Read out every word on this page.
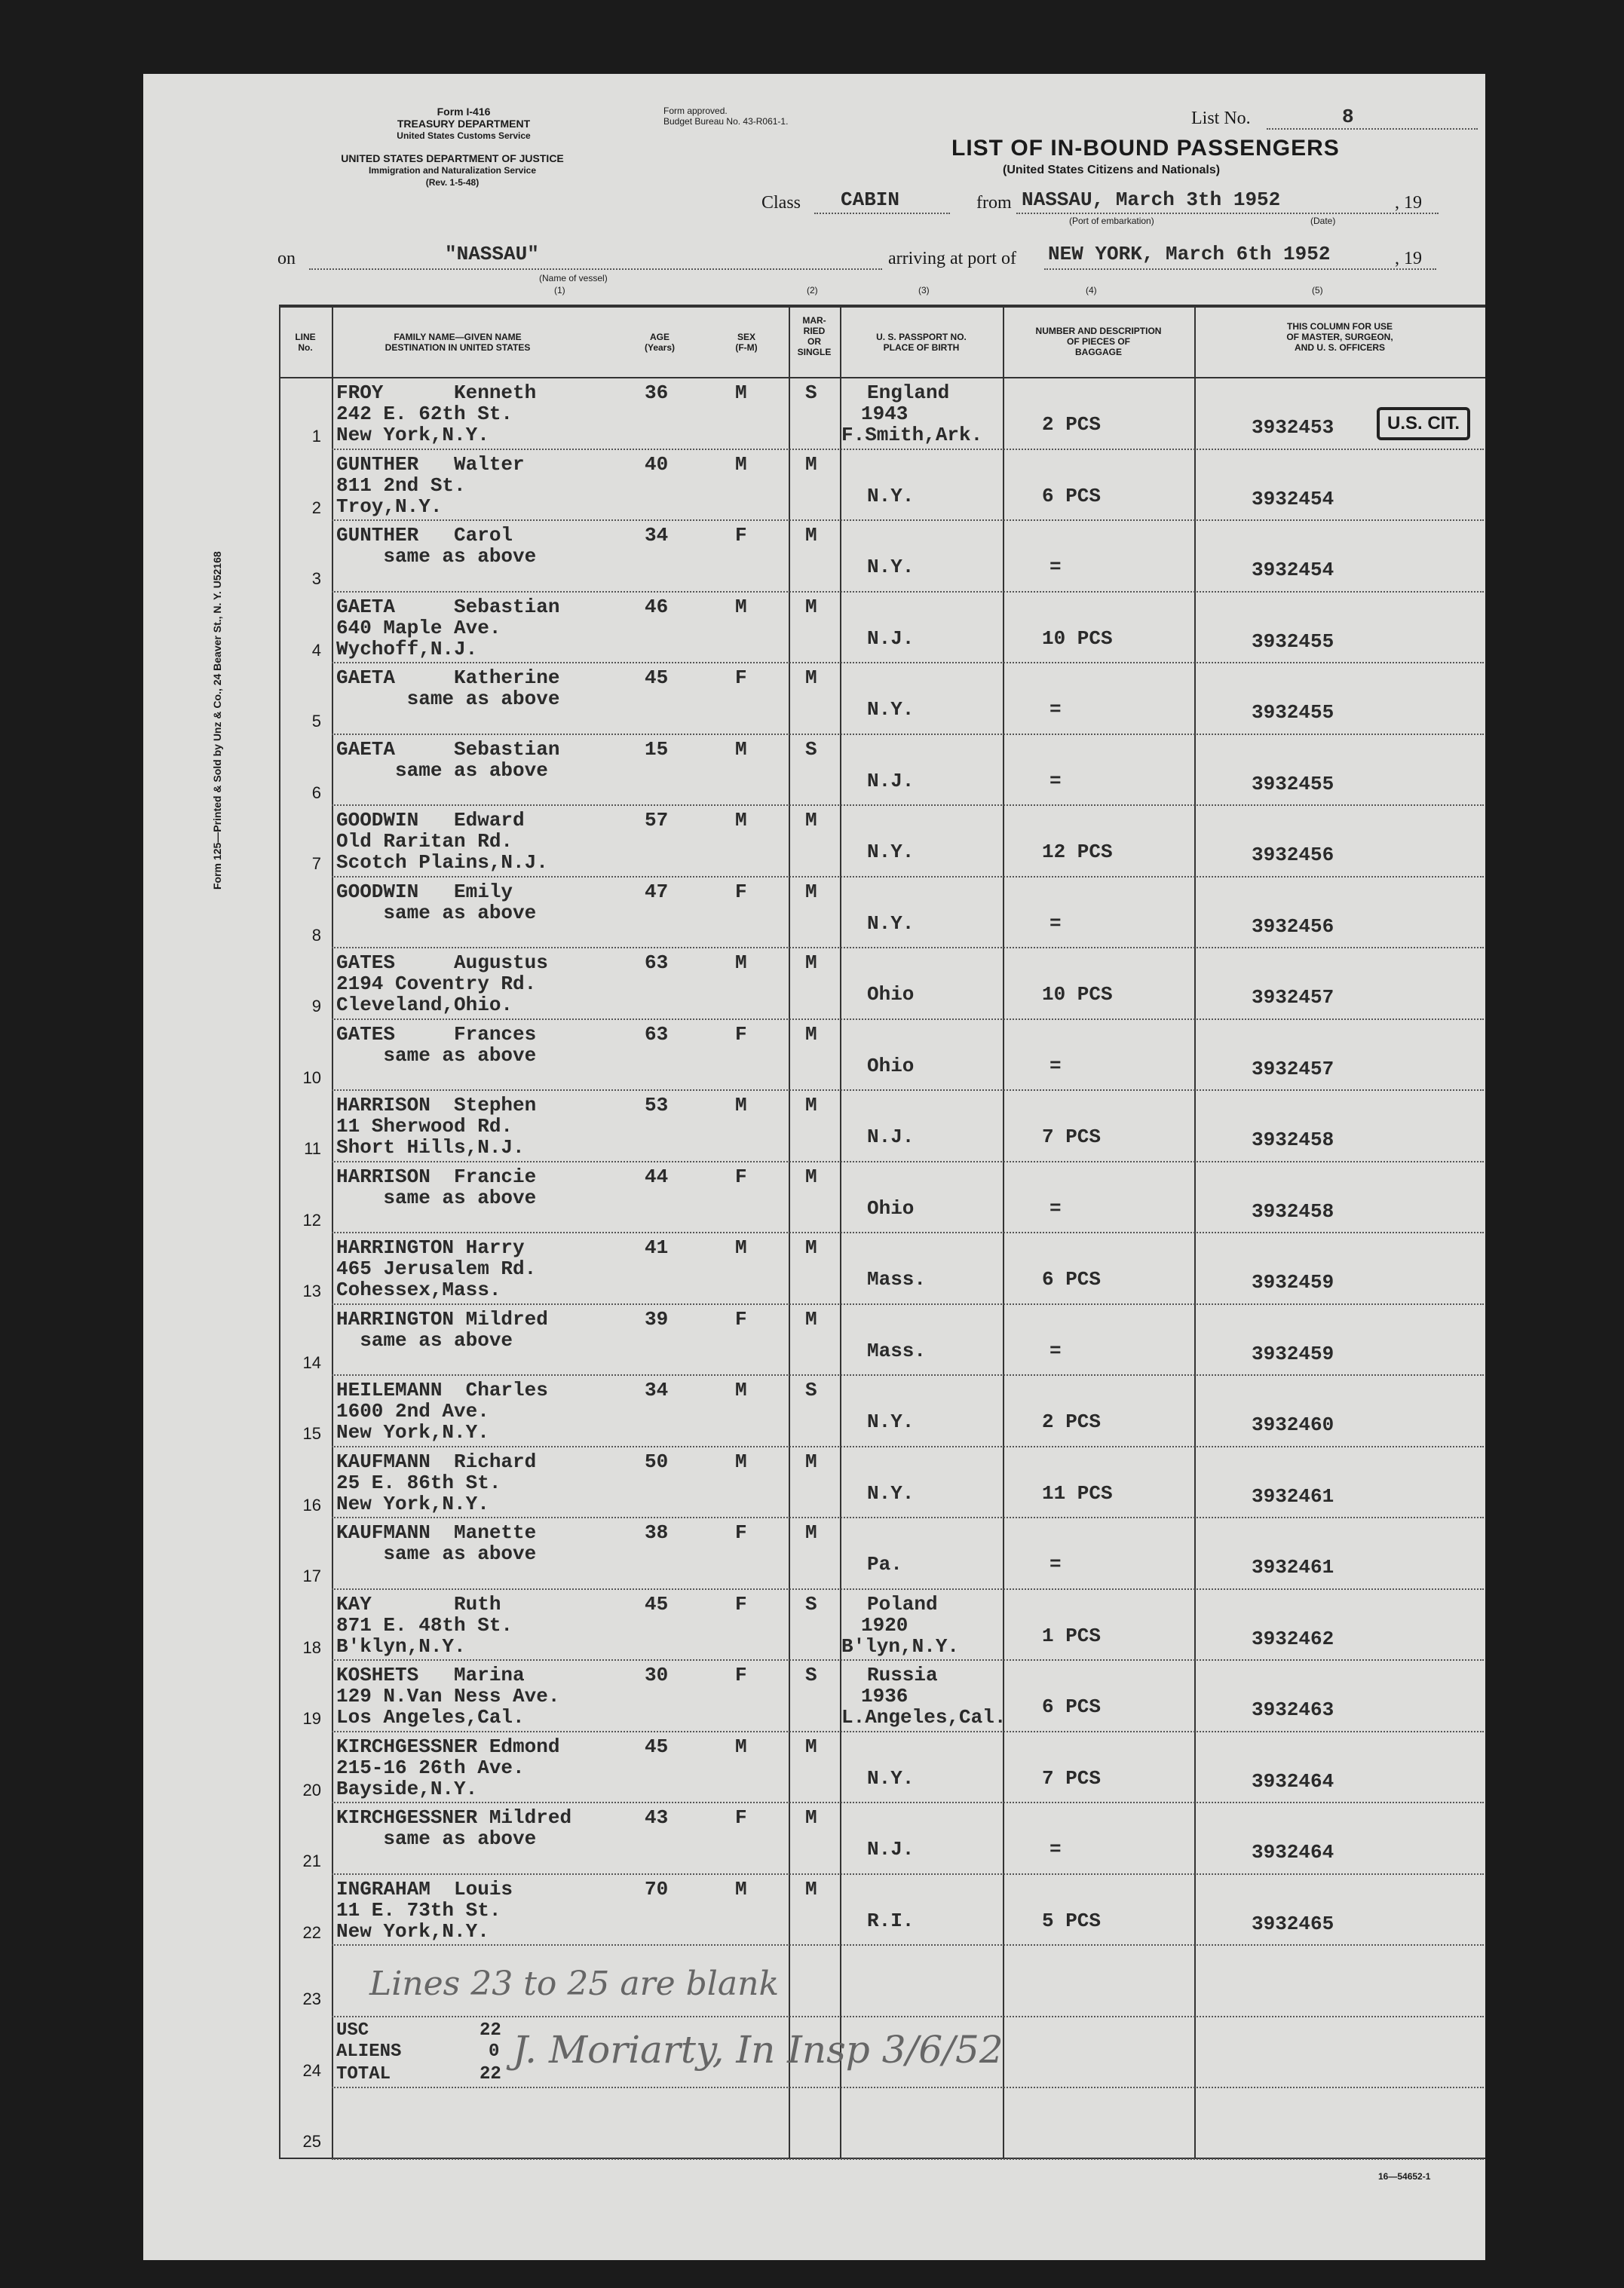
Form 125—Printed & Sold by Unz & Co., 24 Beaver St., N. Y. U52168
Form I-416
TREASURY DEPARTMENT
United States Customs Service
UNITED STATES DEPARTMENT OF JUSTICE
Immigration and Naturalization Service
(Rev. 1-5-48)
Form approved.
Budget Bureau No. 43-R061-1.	List No.	8
LIST OF IN-BOUND PASSENGERS
(United States Citizens and Nationals)
Class CABIN	from NASSAU, March 3th 1952	, 19
(Port of embarkation)	(Date)
on	"NASSAU"
(Name of vessel)
(1)
arriving at port of NEW YORK, March 6th 1952	, 19
(2)	(3)	(4)	(5)
LINE
No.
FAMILY NAME—GIVEN NAME
DESTINATION IN UNITED STATES
AGE
(Years)
SEX
(F-M)
MAR-
RIED
OR
SINGLE
U. S. PASSPORT NO.
PLACE OF BIRTH
NUMBER AND DESCRIPTION
OF PIECES OF
BAGGAGE
THIS COLUMN FOR USE
OF MASTER, SURGEON,
AND U. S. OFFICERS
1
FROY      Kenneth
242 E. 62th St.
New York,N.Y.
36	M	S	England
1943
F.Smith,Ark.	2 PCS	3932453
2
GUNTHER   Walter
811 2nd St.
Troy,N.Y.
40	M	M
N.Y.	6 PCS	3932454
3
GUNTHER   Carol
same as above
34	F	M
N.Y.	=	3932454
4
GAETA     Sebastian
640 Maple Ave.
Wychoff,N.J.
46	M	M
N.J.	10 PCS	3932455
5
GAETA     Katherine
same as above
45	F	M
N.Y.	=	3932455
6
GAETA     Sebastian
same as above
15	M	S
N.J.	=	3932455
7
GOODWIN   Edward
Old Raritan Rd.
Scotch Plains,N.J.
57	M	M
N.Y.	12 PCS	3932456
8
GOODWIN   Emily
same as above
47	F	M
N.Y.	=	3932456
9
GATES     Augustus
2194 Coventry Rd.
Cleveland,Ohio.
63	M	M
Ohio	10 PCS	3932457
10
GATES     Frances
same as above
63	F	M
Ohio	=	3932457
11
HARRISON  Stephen
11 Sherwood Rd.
Short Hills,N.J.
53	M	M
N.J.	7 PCS	3932458
12
HARRISON  Francie
same as above
44	F	M
Ohio	=	3932458
13
HARRINGTON Harry
465 Jerusalem Rd.
Cohessex,Mass.
41	M	M
Mass.	6 PCS	3932459
14
HARRINGTON Mildred
same as above
39	F	M
Mass.	=	3932459
15
HEILEMANN  Charles
1600 2nd Ave.
New York,N.Y.
34	M	S
N.Y.	2 PCS	3932460
16
KAUFMANN  Richard
25 E. 86th St.
New York,N.Y.
50	M	M
N.Y.	11 PCS	3932461
17
KAUFMANN  Manette
same as above
38	F	M
Pa.	=	3932461
18
KAY       Ruth
871 E. 48th St.
B'klyn,N.Y.
45	F	S	Poland
1920
B'lyn,N.Y.	1 PCS	3932462
19
KOSHETS   Marina
129 N.Van Ness Ave.
Los Angeles,Cal.
30	F	S	Russia
1936
L.Angeles,Cal. 6 PCS	3932463
20
KIRCHGESSNER Edmond
215-16 26th Ave.
Bayside,N.Y.
45	M	M
N.Y.	7 PCS	3932464
21
KIRCHGESSNER Mildred
same as above
43	F	M
N.J.	=	3932464
22
INGRAHAM  Louis
11 E. 73th St.
New York,N.Y.
70	M	M
R.I.	5 PCS	3932465
23
24
25
USC	22
ALIENS	0
TOTAL	22
U.S. CIT.
Lines 23 to 25 are blank
J. Moriarty, In Insp 3/6/52
16—54652-1
